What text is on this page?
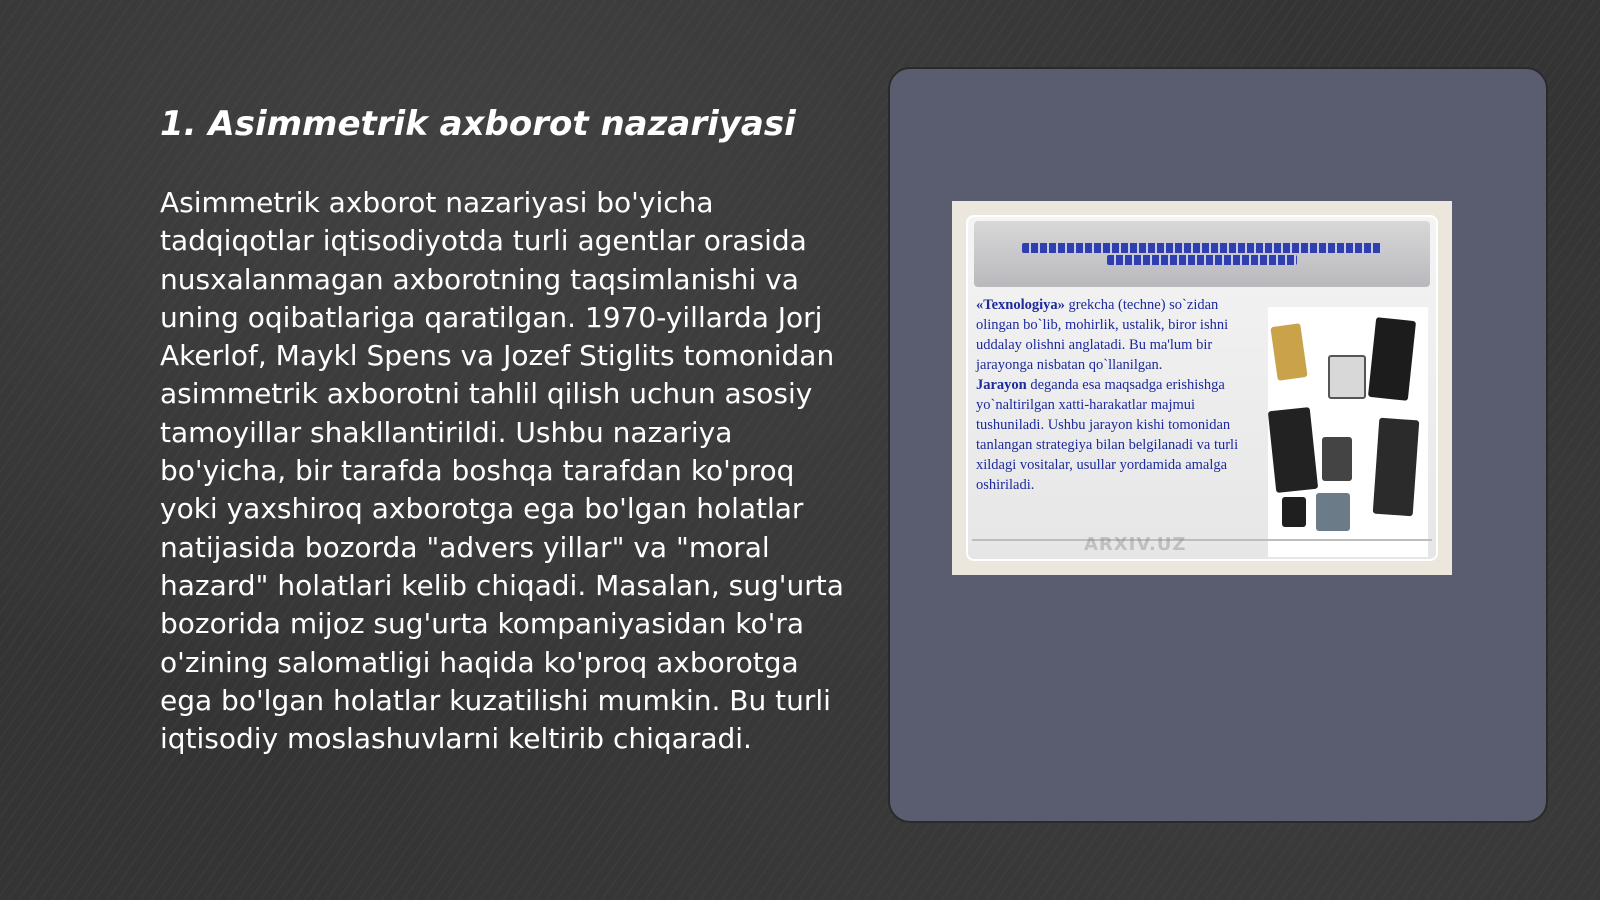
1. Asimmetrik axborot nazariyasi

Asimmetrik axborot nazariyasi bo'yicha tadqiqotlar iqtisodiyotda turli agentlar orasida nusxalanmagan axborotning taqsimlanishi va uning oqibatlariga qaratilgan. 1970-yillarda Jorj Akerlof, Maykl Spens va Jozef Stiglits tomonidan asimmetrik axborotni tahlil qilish uchun asosiy tamoyillar shakllantirildi. Ushbu nazariya bo'yicha, bir tarafda boshqa tarafdan ko'proq yoki yaxshiroq axborotga ega bo'lgan holatlar natijasida bozorda "advers yillar" va "moral hazard" holatlari kelib chiqadi. Masalan, sug'urta bozorida mijoz sug'urta kompaniyasidan ko'ra o'zining salomatligi haqida ko'proq axborotga ega bo'lgan holatlar kuzatilishi mumkin. Bu turli iqtisodiy moslashuvlarni keltirib chiqaradi.

«Texnologiya» grekcha (techne) so`zidan olingan bo`lib, mohirlik, ustalik, biror ishni uddalay olishni anglatadi. Bu ma'lum bir jarayonga nisbatan qo`llanilgan.
Jarayon deganda esa maqsadga erishishga yo`naltirilgan xatti-harakatlar majmui tushuniladi. Ushbu jarayon kishi tomonidan tanlangan strategiya bilan belgilanadi va turli xildagi vositalar, usullar yordamida amalga oshiriladi.

ARXIV.UZ
